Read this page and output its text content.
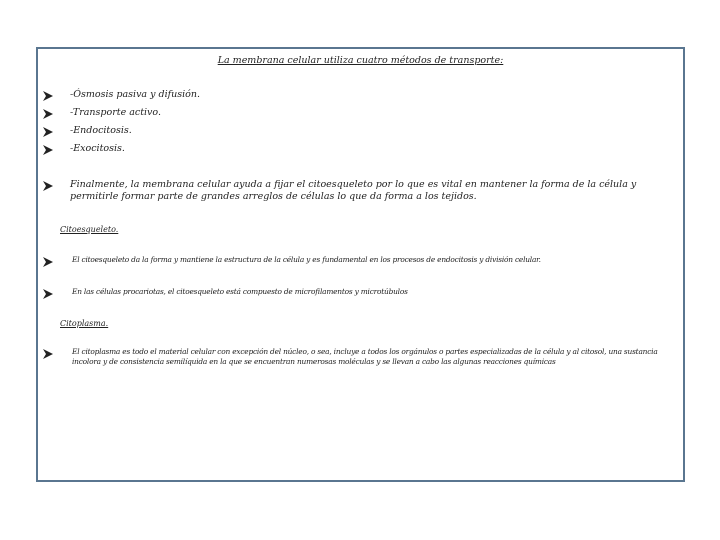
La membrana celular utiliza cuatro métodos de transporte:
-Ósmosis pasiva y difusión.
-Transporte activo.
-Endocitosis.
-Exocitosis.
Finalmente, la membrana celular ayuda a fijar el citoesqueleto por lo que es vital en mantener la forma de la célula y permitirle formar parte de grandes arreglos de células lo que da forma a los tejidos.
Citoesqueleto.
El citoesqueleto da la forma y mantiene la estructura de la célula y es fundamental en los procesos de endocitosis y división celular.
En las células procariotas, el citoesqueleto está compuesto de microfilamentos y microtúbulos
Citoplasma.
El citoplasma es todo el material celular con excepción del núcleo, o sea, incluye a todos los orgánulos o partes especializadas de la célula y al citosol, una sustancia incolora y de consistencia semilíquida en la que se encuentran numerosas moléculas y se llevan a cabo las algunas reacciones químicas
